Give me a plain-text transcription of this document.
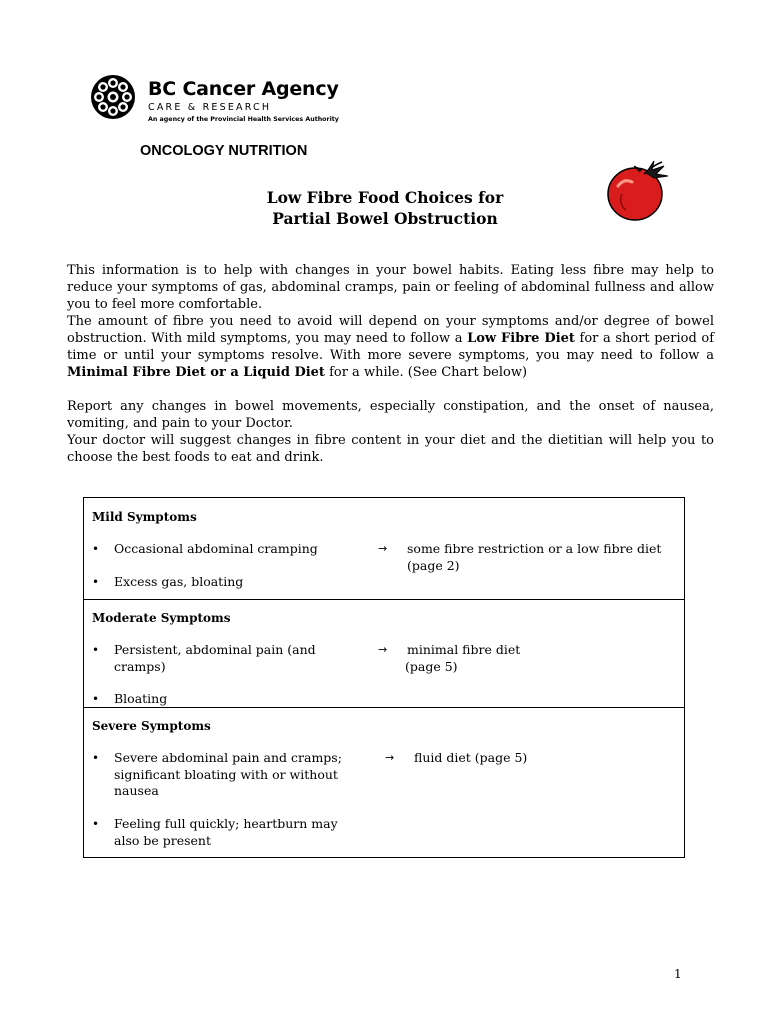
BC Cancer Agency
CARE & RESEARCH
An agency of the Provincial Health Services Authority
ONCOLOGY NUTRITION
Low Fibre Food Choices for
Partial Bowel Obstruction

This information is to help with changes in your bowel habits. Eating less fibre may help to reduce your symptoms of gas, abdominal cramps, pain or feeling of abdominal fullness and allow you to feel more comfortable.

The amount of fibre you need to avoid will depend on your symptoms and/or degree of bowel obstruction. With mild symptoms, you may need to follow a Low Fibre Diet for a short period of time or until your symptoms resolve. With more severe symptoms, you may need to follow a Minimal Fibre Diet or a Liquid Diet for a while. (See Chart below)

Report any changes in bowel movements, especially constipation, and the onset of nausea, vomiting, and pain to your Doctor.

Your doctor will suggest changes in fibre content in your diet and the dietitian will help you to choose the best foods to eat and drink.

Mild Symptoms
•	Occasional abdominal cramping
•	Excess gas, bloating
→ some fibre restriction or a low fibre diet
(page 2)
Moderate Symptoms
•	Persistent, abdominal pain (and cramps)
•	Bloating
→ minimal fibre diet
(page 5)
Severe Symptoms
•	Severe abdominal pain and cramps; significant bloating with or without nausea
•	Feeling full quickly; heartburn may also be present
→ fluid diet (page 5)
1
